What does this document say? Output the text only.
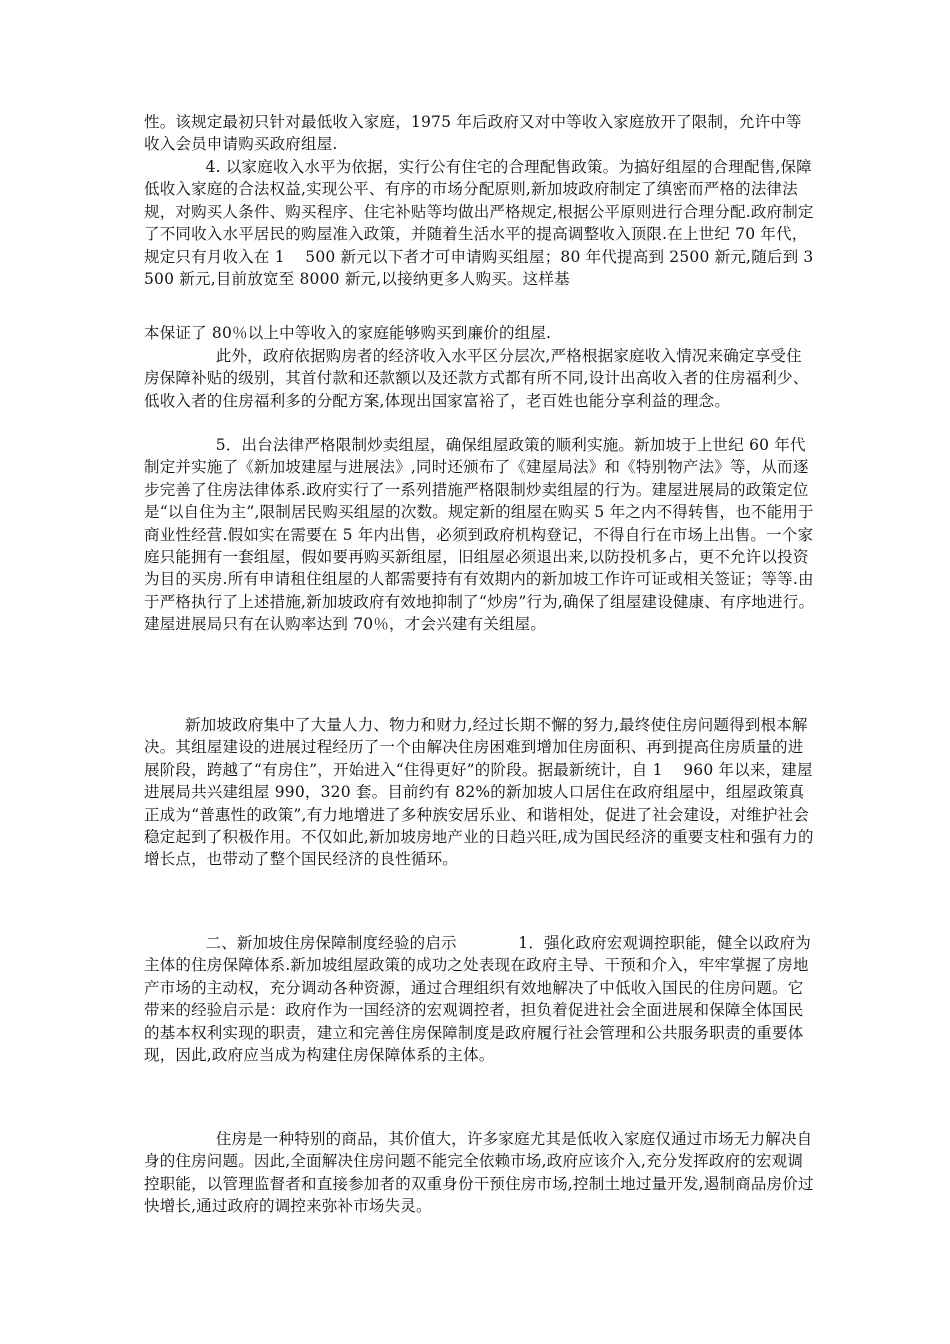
性。该规定最初只针对最低收入家庭，1975 年后政府又对中等收入家庭放开了限制，允许中等收入会员申请购买政府组屋.

4. 以家庭收入水平为依据，实行公有住宅的合理配售政策。为搞好组屋的合理配售,保障低收入家庭的合法权益,实现公平、有序的市场分配原则,新加坡政府制定了缜密而严格的法律法规，对购买人条件、购买程序、住宅补贴等均做出严格规定,根据公平原则进行合理分配.政府制定了不同收入水平居民的购屋准入政策，并随着生活水平的提高调整收入顶限.在上世纪 70 年代，规定只有月收入在 1    500 新元以下者才可申请购买组屋；80 年代提高到 2500 新元,随后到 3500 新元,目前放宽至 8000 新元,以接纳更多人购买。这样基

本保证了 80％以上中等收入的家庭能够购买到廉价的组屋.

此外，政府依据购房者的经济收入水平区分层次,严格根据家庭收入情况来确定享受住房保障补贴的级别，其首付款和还款额以及还款方式都有所不同,设计出高收入者的住房福利少、低收入者的住房福利多的分配方案,体现出国家富裕了，老百姓也能分享利益的理念。

5．出台法律严格限制炒卖组屋，确保组屋政策的顺利实施。新加坡于上世纪 60 年代制定并实施了《新加坡建屋与进展法》,同时还颁布了《建屋局法》和《特别物产法》等，从而逐步完善了住房法律体系.政府实行了一系列措施严格限制炒卖组屋的行为。建屋进展局的政策定位是“以自住为主”,限制居民购买组屋的次数。规定新的组屋在购买 5 年之内不得转售，也不能用于商业性经营.假如实在需要在 5 年内出售，必须到政府机构登记，不得自行在市场上出售。一个家庭只能拥有一套组屋，假如要再购买新组屋，旧组屋必须退出来,以防投机多占，更不允许以投资为目的买房.所有申请租住组屋的人都需要持有有效期内的新加坡工作许可证或相关签证；等等.由于严格执行了上述措施,新加坡政府有效地抑制了“炒房”行为,确保了组屋建设健康、有序地进行。建屋进展局只有在认购率达到 70％，才会兴建有关组屋。

新加坡政府集中了大量人力、物力和财力,经过长期不懈的努力,最终使住房问题得到根本解决。其组屋建设的进展过程经历了一个由解决住房困难到增加住房面积、再到提高住房质量的进展阶段，跨越了“有房住”，开始进入“住得更好”的阶段。据最新统计，自 1    960 年以来，建屋进展局共兴建组屋 990，320 套。目前约有 82%的新加坡人口居住在政府组屋中，组屋政策真正成为“普惠性的政策”,有力地增进了多种族安居乐业、和谐相处，促进了社会建设，对维护社会稳定起到了积极作用。不仅如此,新加坡房地产业的日趋兴旺,成为国民经济的重要支柱和强有力的增长点，也带动了整个国民经济的良性循环。

二、新加坡住房保障制度经验的启示            1．强化政府宏观调控职能，健全以政府为主体的住房保障体系.新加坡组屋政策的成功之处表现在政府主导、干预和介入，牢牢掌握了房地产市场的主动权，充分调动各种资源，通过合理组织有效地解决了中低收入国民的住房问题。它带来的经验启示是：政府作为一国经济的宏观调控者，担负着促进社会全面进展和保障全体国民的基本权利实现的职责，建立和完善住房保障制度是政府履行社会管理和公共服务职责的重要体现，因此,政府应当成为构建住房保障体系的主体。

住房是一种特别的商品，其价值大，许多家庭尤其是低收入家庭仅通过市场无力解决自身的住房问题。因此,全面解决住房问题不能完全依赖市场,政府应该介入,充分发挥政府的宏观调控职能，以管理监督者和直接参加者的双重身份干预住房市场,控制土地过量开发,遏制商品房价过快增长,通过政府的调控来弥补市场失灵。
